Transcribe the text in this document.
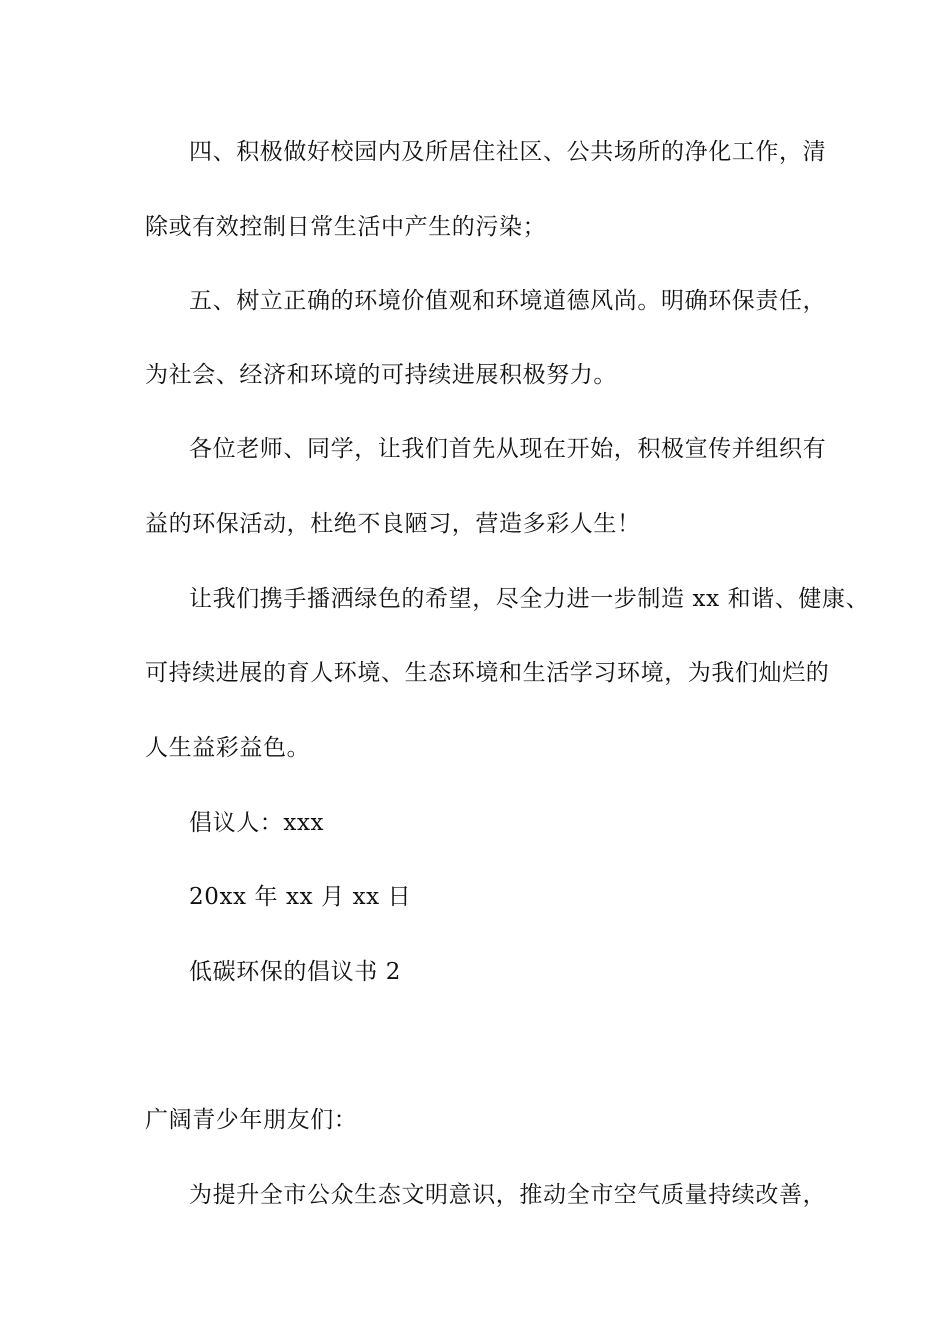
四、积极做好校园内及所居住社区、公共场所的净化工作，清
除或有效控制日常生活中产生的污染；
五、树立正确的环境价值观和环境道德风尚。明确环保责任，
为社会、经济和环境的可持续进展积极努力。
各位老师、同学，让我们首先从现在开始，积极宣传并组织有
益的环保活动，杜绝不良陋习，营造多彩人生！
让我们携手播洒绿色的希望，尽全力进一步制造 xx 和谐、健康、
可持续进展的育人环境、生态环境和生活学习环境，为我们灿烂的
人生益彩益色。
倡议人：xxx
20xx 年 xx 月 xx 日
低碳环保的倡议书 2
广阔青少年朋友们：
为提升全市公众生态文明意识，推动全市空气质量持续改善，
